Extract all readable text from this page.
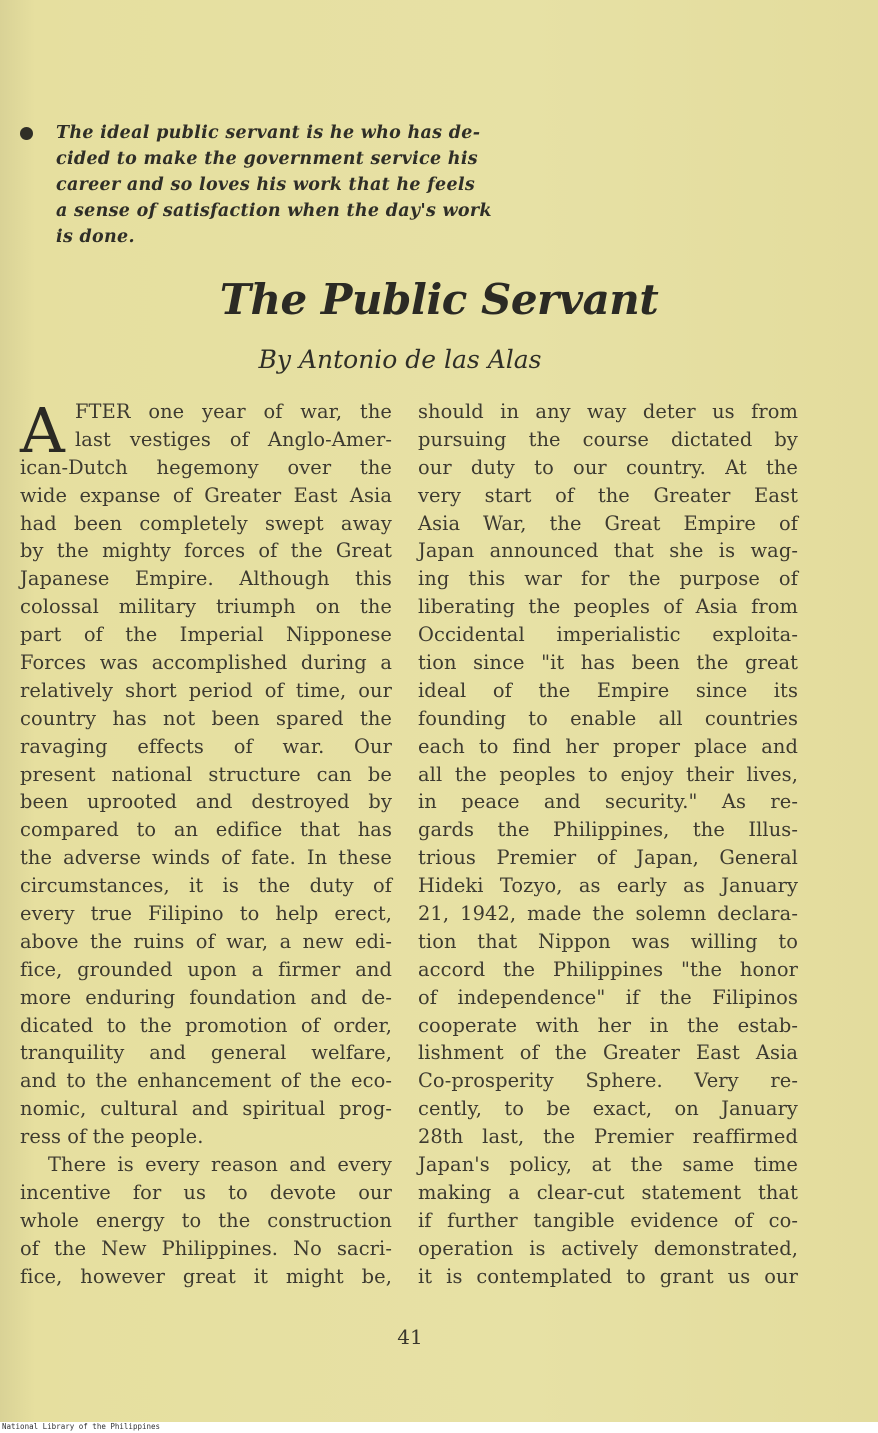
The ideal public servant is he who has de-
cided to make the government service his
career and so loves his work that he feels
a sense of satisfaction when the day's work
is done.
The Public Servant
By Antonio de las Alas
A FTER one year of war, the
last vestiges of Anglo-Amer-
ican-Dutch hegemony over the
wide expanse of Greater East Asia
had been completely swept away
by the mighty forces of the Great
Japanese Empire. Although this
colossal military triumph on the
part of the Imperial Nipponese
Forces was accomplished during a
relatively short period of time, our
country has not been spared the
ravaging effects of war. Our
present national structure can be
been uprooted and destroyed by
compared to an edifice that has
the adverse winds of fate. In these
circumstances, it is the duty of
every true Filipino to help erect,
above the ruins of war, a new edi-
fice, grounded upon a firmer and
more enduring foundation and de-
dicated to the promotion of order,
tranquility and general welfare,
and to the enhancement of the eco-
nomic, cultural and spiritual prog-
ress of the people.
There is every reason and every
incentive for us to devote our
whole energy to the construction
of the New Philippines. No sacri-
fice, however great it might be,
should in any way deter us from
pursuing the course dictated by
our duty to our country. At the
very start of the Greater East
Asia War, the Great Empire of
Japan announced that she is wag-
ing this war for the purpose of
liberating the peoples of Asia from
Occidental imperialistic exploita-
tion since "it has been the great
ideal of the Empire since its
founding to enable all countries
each to find her proper place and
all the peoples to enjoy their lives,
in peace and security." As re-
gards the Philippines, the Illus-
trious Premier of Japan, General
Hideki Tozyo, as early as January
21, 1942, made the solemn declara-
tion that Nippon was willing to
accord the Philippines "the honor
of independence" if the Filipinos
cooperate with her in the estab-
lishment of the Greater East Asia
Co-prosperity Sphere. Very re-
cently, to be exact, on January
28th last, the Premier reaffirmed
Japan's policy, at the same time
making a clear-cut statement that
if further tangible evidence of co-
operation is actively demonstrated,
it is contemplated to grant us our
41
National Library of the Philippines
